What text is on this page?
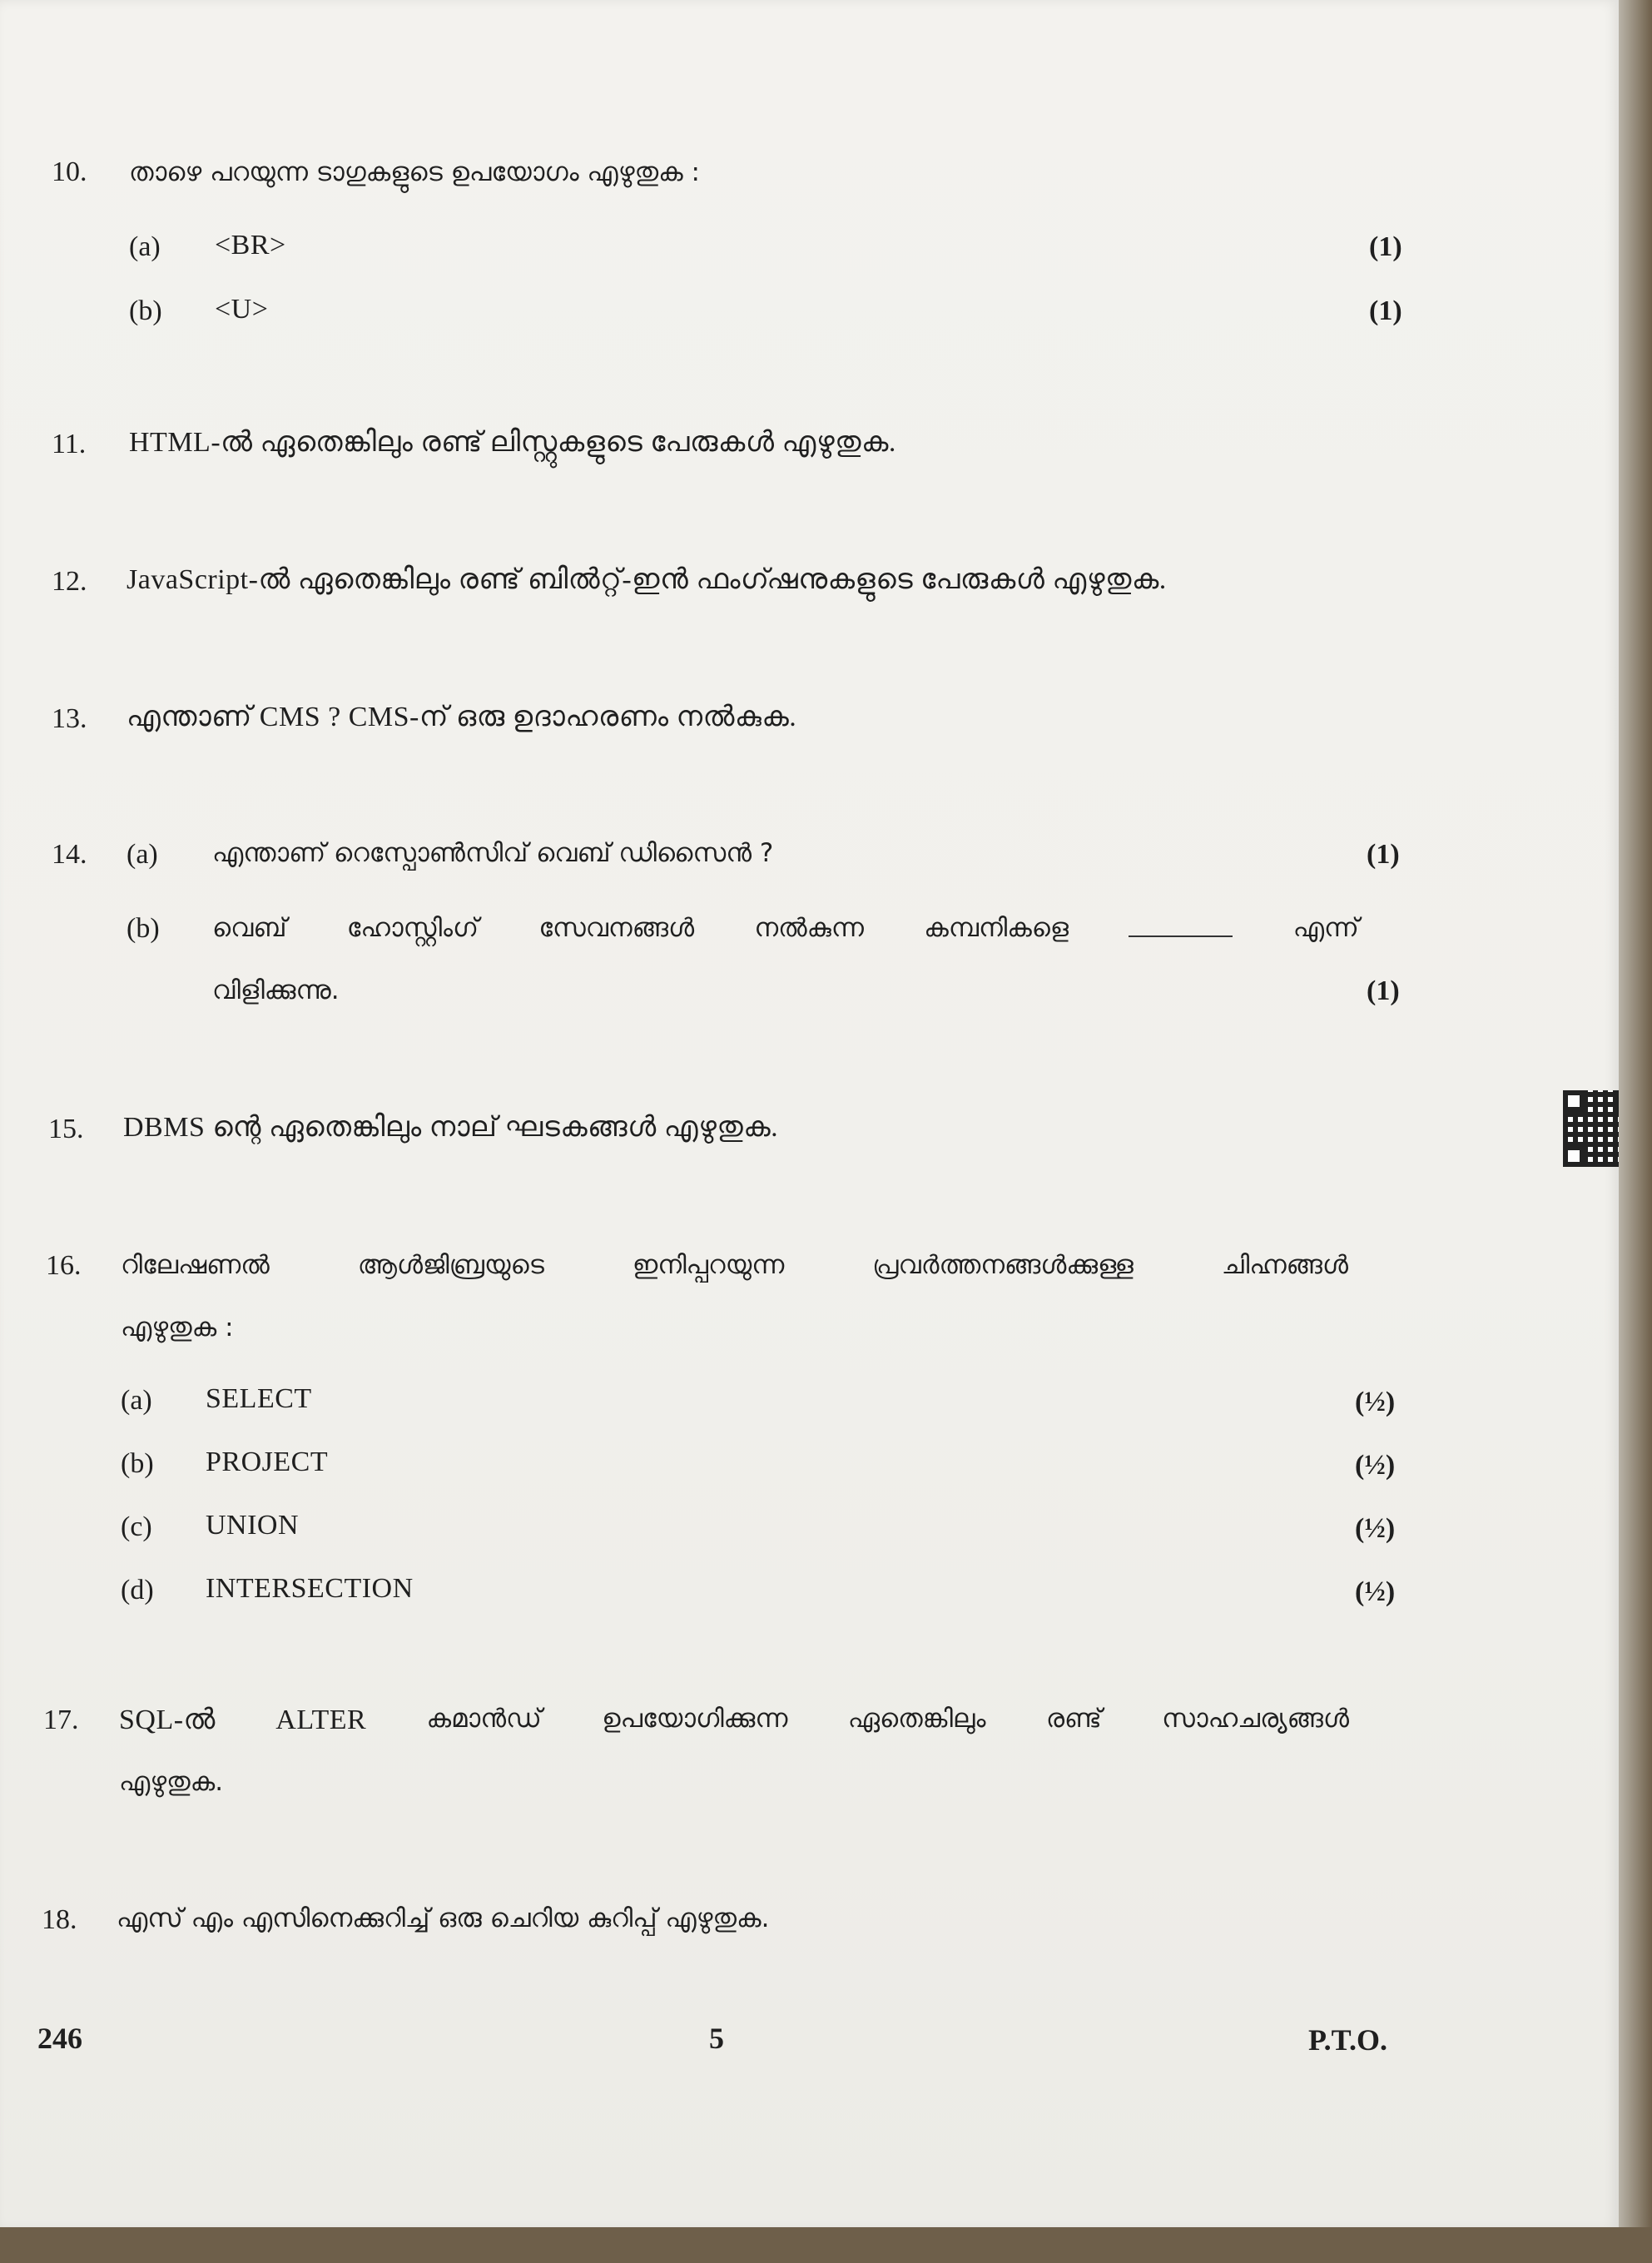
10. താഴെ പറയുന്ന ടാഗുകളുടെ ഉപയോഗം എഴുതുക :
(a) <BR>	(1)
(b) <U>	(1)
11. HTML-ൽ ഏതെങ്കിലും രണ്ട് ലിസ്റ്റുകളുടെ പേരുകൾ എഴുതുക.
12. JavaScript-ൽ ഏതെങ്കിലും രണ്ട് ബിൽറ്റ്-ഇൻ ഫംഗ്ഷനുകളുടെ പേരുകൾ എഴുതുക.
13. എന്താണ് CMS ? CMS-ന് ഒരു ഉദാഹരണം നൽകുക.
14. (a) എന്താണ് റെസ്പോൺസിവ് വെബ് ഡിസൈൻ ?	(1)
(b) വെബ് ഹോസ്റ്റിംഗ് സേവനങ്ങൾ നൽകുന്ന കമ്പനികളെ	എന്ന്
വിളിക്കുന്നു.	(1)
15. DBMS ന്റെ ഏതെങ്കിലും നാല് ഘടകങ്ങൾ എഴുതുക.
16. റിലേഷണൽ	ആൾജിബ്രയുടെ	ഇനിപ്പറയുന്ന	പ്രവർത്തനങ്ങൾക്കുള്ള	ചിഹ്നങ്ങൾ
എഴുതുക :
(a) SELECT	(½)
(b) PROJECT	(½)
(c) UNION	(½)
(d) INTERSECTION	(½)
17. SQL-ൽ ALTER കമാൻഡ് ഉപയോഗിക്കുന്ന ഏതെങ്കിലും രണ്ട് സാഹചര്യങ്ങൾ
എഴുതുക.
18. എസ് എം എസിനെക്കുറിച്ച് ഒരു ചെറിയ കുറിപ്പ് എഴുതുക.
246	5	P.T.O.
